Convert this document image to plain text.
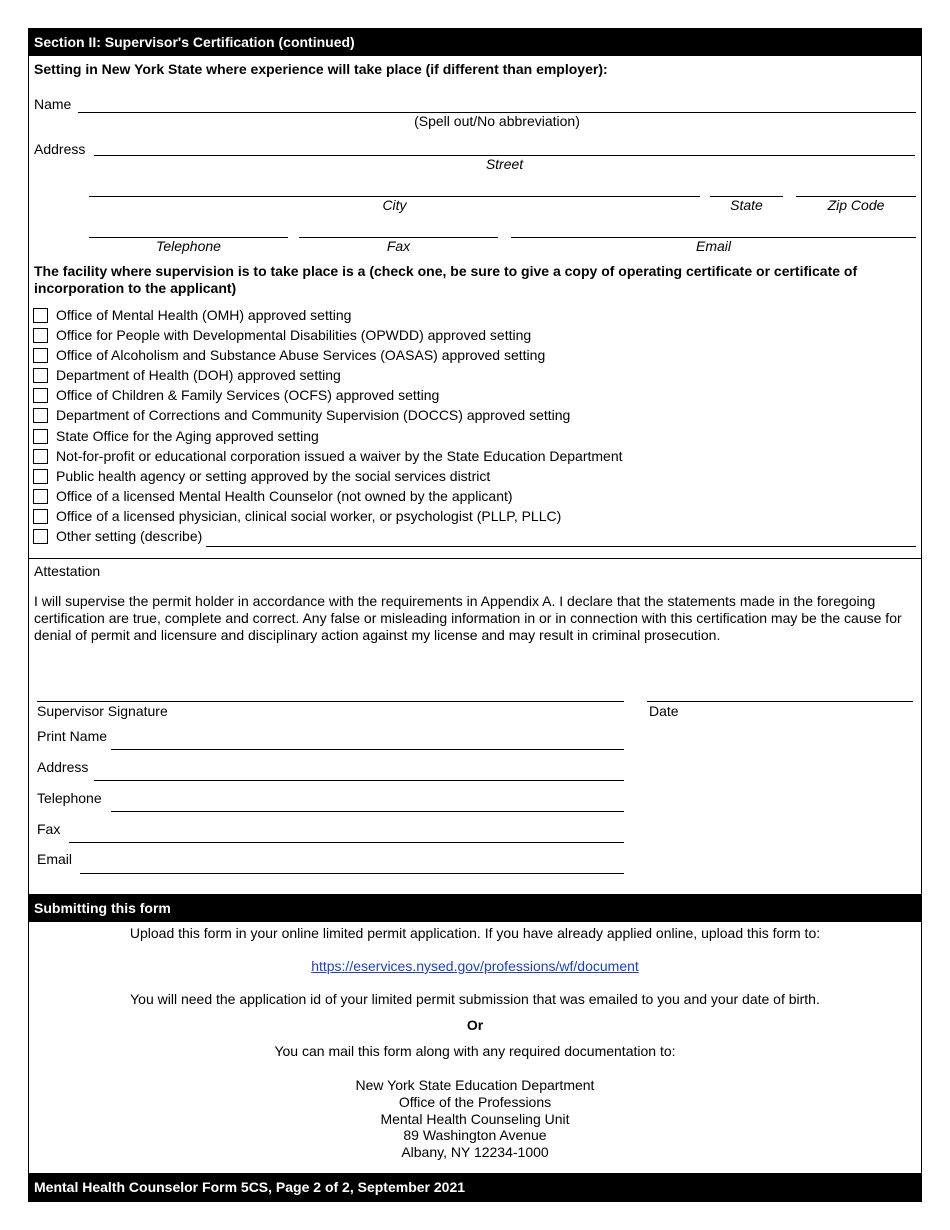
Section II: Supervisor's Certification (continued)
Setting in New York State where experience will take place (if different than employer):
Name
(Spell out/No abbreviation)
Address
Street
City	State	Zip Code
Telephone	Fax	Email
The facility where supervision is to take place is a (check one, be sure to give a copy of operating certificate or certificate of incorporation to the applicant)
Office of Mental Health (OMH) approved setting
Office for People with Developmental Disabilities (OPWDD) approved setting
Office of Alcoholism and Substance Abuse Services (OASAS) approved setting
Department of Health (DOH) approved setting
Office of Children & Family Services (OCFS) approved setting
Department of Corrections and Community Supervision (DOCCS) approved setting
State Office for the Aging approved setting
Not-for-profit or educational corporation issued a waiver by the State Education Department
Public health agency or setting approved by the social services district
Office of a licensed Mental Health Counselor (not owned by the applicant)
Office of a licensed physician, clinical social worker, or psychologist (PLLP, PLLC)
Other setting (describe)
Attestation
I will supervise the permit holder in accordance with the requirements in Appendix A. I declare that the statements made in the foregoing certification are true, complete and correct. Any false or misleading information in or in connection with this certification may be the cause for denial of permit and licensure and disciplinary action against my license and may result in criminal prosecution.
Supervisor Signature	Date
Print Name
Address
Telephone
Fax
Email
Submitting this form
Upload this form in your online limited permit application. If you have already applied online, upload this form to:
https://eservices.nysed.gov/professions/wf/document
You will need the application id of your limited permit submission that was emailed to you and your date of birth.
Or
You can mail this form along with any required documentation to:
New York State Education Department
Office of the Professions
Mental Health Counseling Unit
89 Washington Avenue
Albany, NY 12234-1000
Mental Health Counselor Form 5CS, Page 2 of 2, September 2021
